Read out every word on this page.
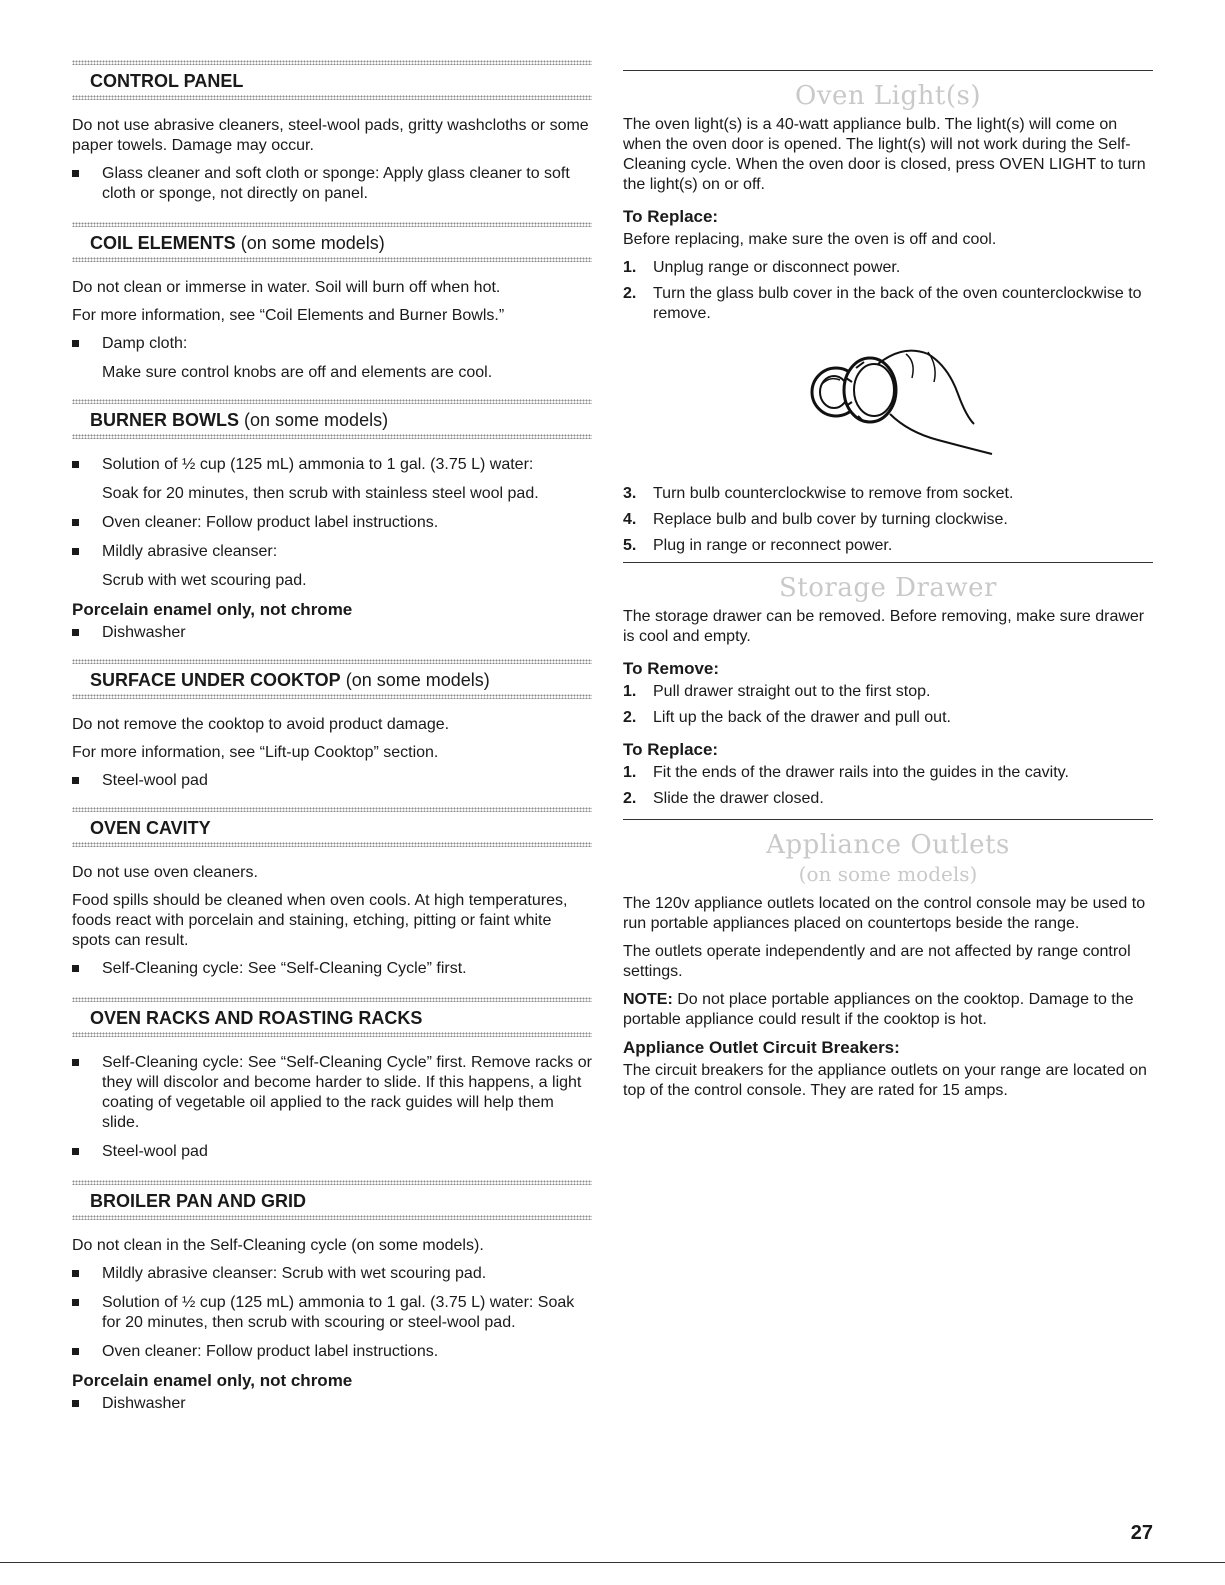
CONTROL PANEL

Do not use abrasive cleaners, steel-wool pads, gritty washcloths or some paper towels. Damage may occur.

Glass cleaner and soft cloth or sponge: Apply glass cleaner to soft cloth or sponge, not directly on panel.
COIL ELEMENTS (on some models)

Do not clean or immerse in water. Soil will burn off when hot.

For more information, see “Coil Elements and Burner Bowls.”

Damp cloth:
Make sure control knobs are off and elements are cool.
BURNER BOWLS (on some models)
Solution of ½ cup (125 mL) ammonia to 1 gal. (3.75 L) water:
Soak for 20 minutes, then scrub with stainless steel wool pad.
Oven cleaner: Follow product label instructions.
Mildly abrasive cleanser:
Scrub with wet scouring pad.
Porcelain enamel only, not chrome
Dishwasher
SURFACE UNDER COOKTOP (on some models)

Do not remove the cooktop to avoid product damage.

For more information, see “Lift-up Cooktop” section.

Steel-wool pad
OVEN CAVITY

Do not use oven cleaners.

Food spills should be cleaned when oven cools. At high temperatures, foods react with porcelain and staining, etching, pitting or faint white spots can result.

Self-Cleaning cycle: See “Self-Cleaning Cycle” first.
OVEN RACKS AND ROASTING RACKS
Self-Cleaning cycle: See “Self-Cleaning Cycle” first. Remove racks or they will discolor and become harder to slide. If this happens, a light coating of vegetable oil applied to the rack guides will help them slide.
Steel-wool pad
BROILER PAN AND GRID

Do not clean in the Self-Cleaning cycle (on some models).

Mildly abrasive cleanser: Scrub with wet scouring pad.
Solution of ½ cup (125 mL) ammonia to 1 gal. (3.75 L) water: Soak for 20 minutes, then scrub with scouring or steel-wool pad.
Oven cleaner: Follow product label instructions.
Porcelain enamel only, not chrome
Dishwasher
Oven Light(s)

The oven light(s) is a 40-watt appliance bulb. The light(s) will come on when the oven door is opened. The light(s) will not work during the Self-Cleaning cycle. When the oven door is closed, press OVEN LIGHT to turn the light(s) on or off.

To Replace:

Before replacing, make sure the oven is off and cool.

1. Unplug range or disconnect power.
2. Turn the glass bulb cover in the back of the oven counterclockwise to remove.
3. Turn bulb counterclockwise to remove from socket.
4. Replace bulb and bulb cover by turning clockwise.
5. Plug in range or reconnect power.
Storage Drawer

The storage drawer can be removed. Before removing, make sure drawer is cool and empty.

To Remove:
1. Pull drawer straight out to the first stop.
2. Lift up the back of the drawer and pull out.
To Replace:
1. Fit the ends of the drawer rails into the guides in the cavity.
2. Slide the drawer closed.
Appliance Outlets
(on some models)

The 120v appliance outlets located on the control console may be used to run portable appliances placed on countertops beside the range.

The outlets operate independently and are not affected by range control settings.

NOTE: Do not place portable appliances on the cooktop. Damage to the portable appliance could result if the cooktop is hot.

Appliance Outlet Circuit Breakers:

The circuit breakers for the appliance outlets on your range are located on top of the control console. They are rated for 15 amps.

27
